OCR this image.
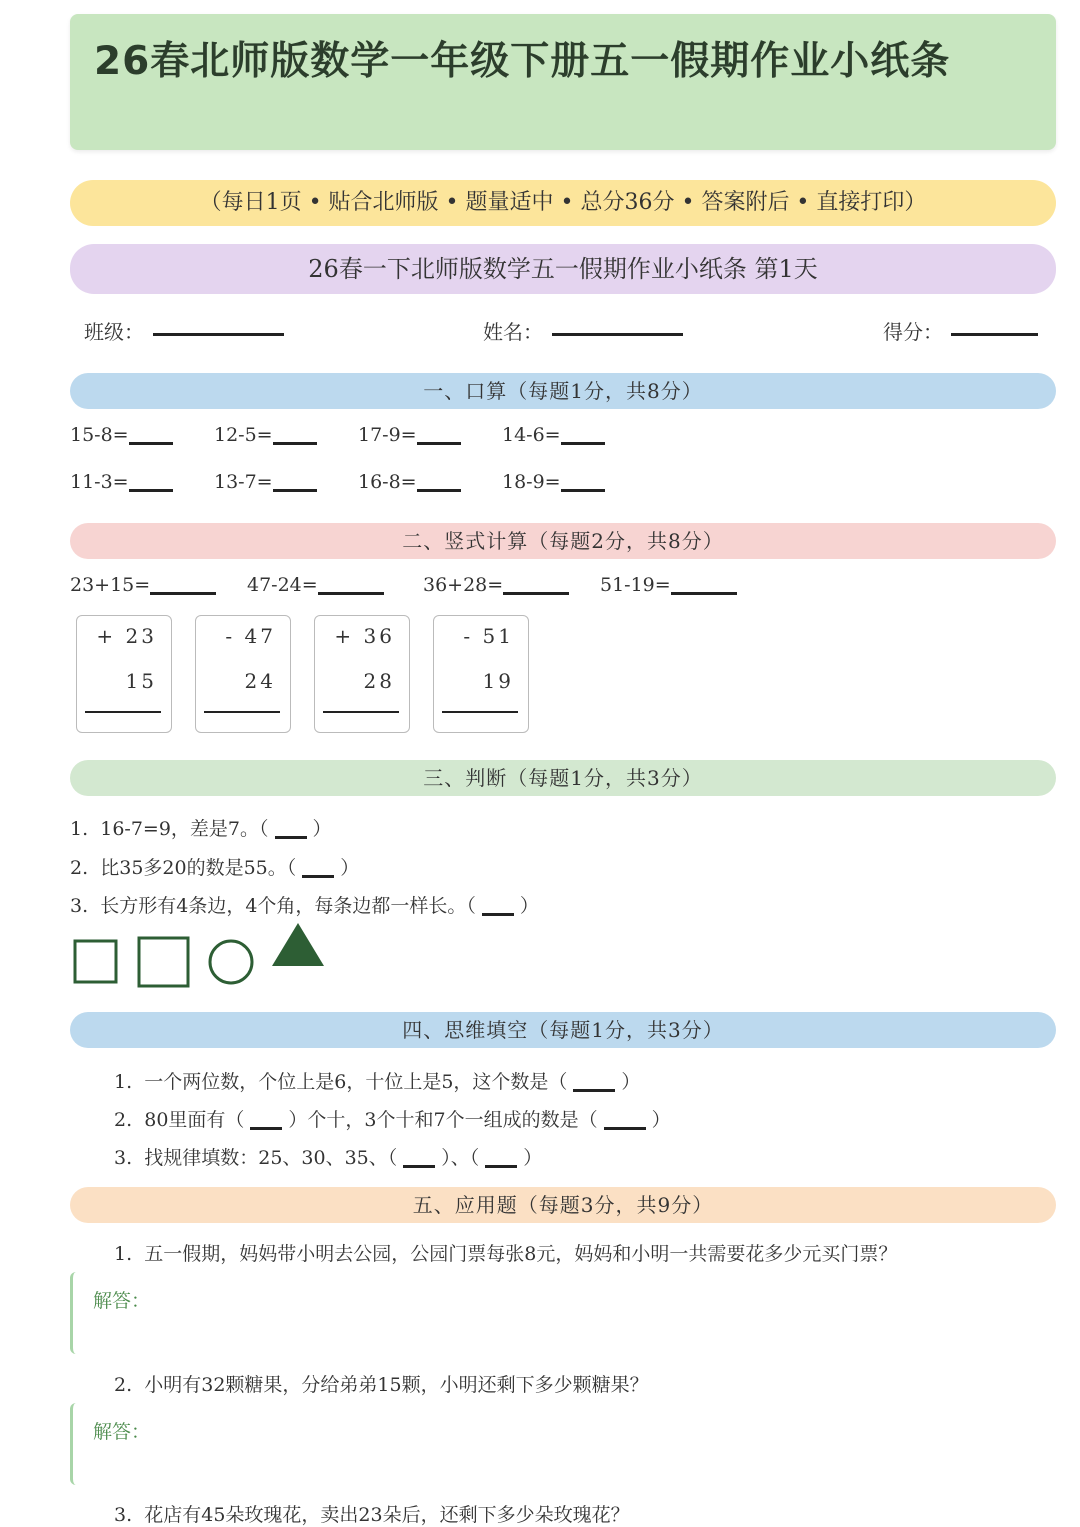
26春北师版数学一年级下册五一假期作业小纸条
（每日1页 • 贴合北师版 • 题量适中 • 总分36分 • 答案附后 • 直接打印）
26春一下北师版数学五一假期作业小纸条 第1天
班级：	姓名：	得分：
一、口算（每题1分，共8分）
15-8=	12-5=	17-9=	14-6=
11-3=	13-7=	16-8=	18-9=
二、竖式计算（每题2分，共8分）
23+15=	47-24=	36+28=	51-19=
+ 23
15
- 47
24
+ 36
28
- 51
19
三、判断（每题1分，共3分）
1. 16-7=9，差是7。（ ）
2. 比35多20的数是55。（ ）
3. 长方形有4条边，4个角，每条边都一样长。（ ）
四、思维填空（每题1分，共3分）
1. 一个两位数，个位上是6，十位上是5，这个数是（	）
2. 80里面有（ ）个十，3个十和7个一组成的数是（	）
3. 找规律填数：25、30、35、（ ）、（ ）
五、应用题（每题3分，共9分）
1. 五一假期，妈妈带小明去公园，公园门票每张8元，妈妈和小明一共需要花多少元买门票？
解答：
2. 小明有32颗糖果，分给弟弟15颗，小明还剩下多少颗糖果？
解答：
3. 花店有45朵玫瑰花，卖出23朵后，还剩下多少朵玫瑰花？
